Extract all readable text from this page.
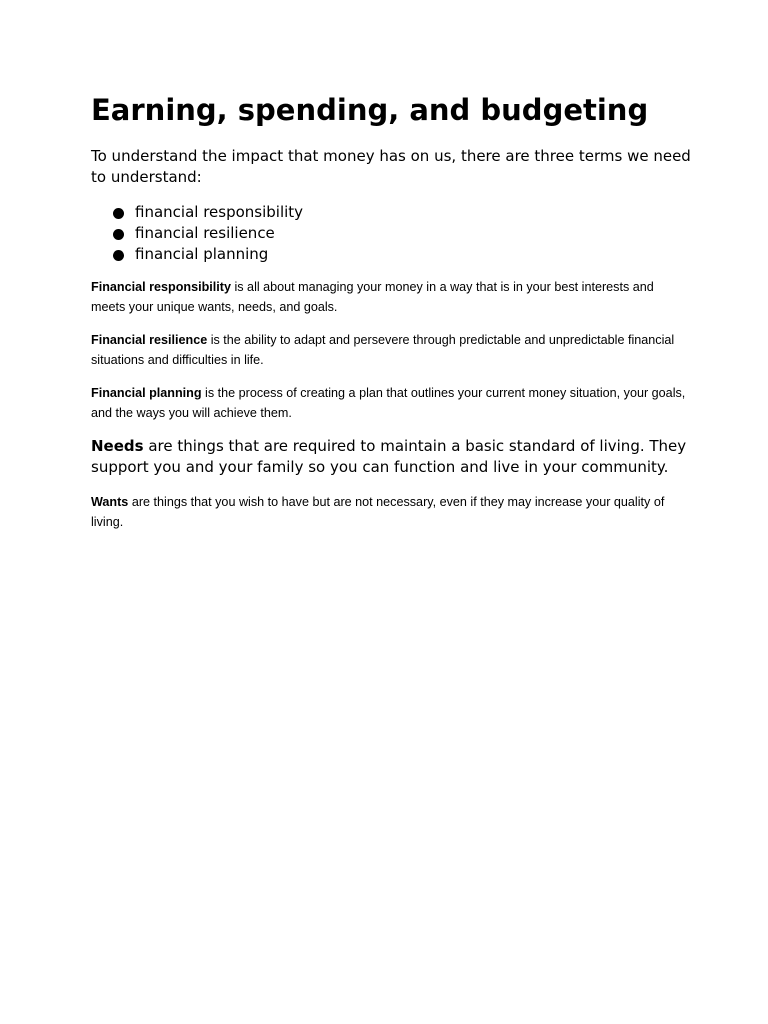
Earning, spending, and budgeting

To understand the impact that money has on us, there are three terms we need to understand:

financial responsibility
financial resilience
financial planning

Financial responsibility is all about managing your money in a way that is in your best interests and meets your unique wants, needs, and goals.

Financial resilience is the ability to adapt and persevere through predictable and unpredictable financial situations and difficulties in life.

Financial planning is the process of creating a plan that outlines your current money situation, your goals, and the ways you will achieve them.

Needs are things that are required to maintain a basic standard of living. They support you and your family so you can function and live in your community.

Wants are things that you wish to have but are not necessary, even if they may increase your quality of living.
